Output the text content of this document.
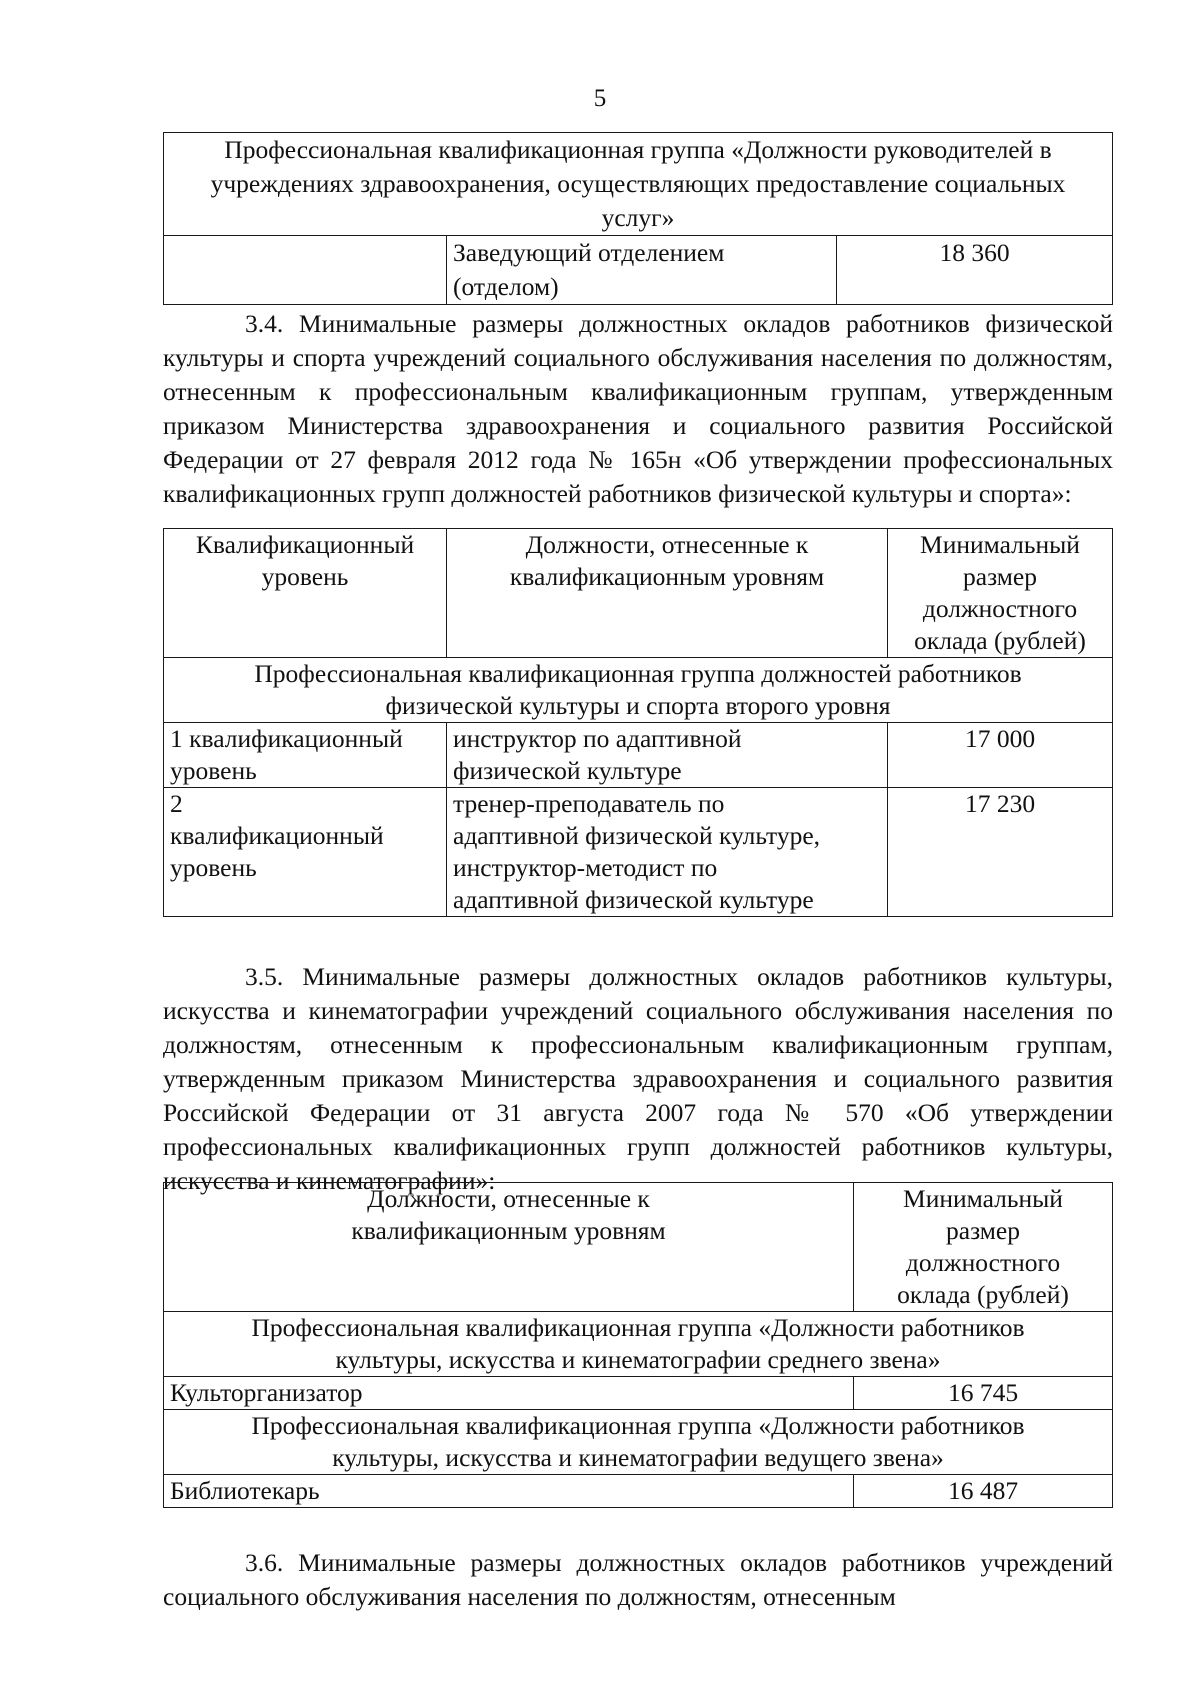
5
Профессиональная квалификационная группа «Должности руководителей в учреждениях здравоохранения, осуществляющих предоставление социальных услуг»
	Заведующий отделением (отделом)	18 360

3.4. Минимальные размеры должностных окладов работников физической культуры и спорта учреждений социального обслуживания населения по должностям, отнесенным к профессиональным квалификационным группам, утвержденным приказом Министерства здравоохранения и социального развития Российской Федерации от 27 февраля 2012 года № 165н «Об утверждении профессиональных квалификационных групп должностей работников физической культуры и спорта»:

Квалификационный уровень	Должности, отнесенные к квалификационным уровням	Минимальный размер должностного оклада (рублей)
Профессиональная квалификационная группа должностей работников физической культуры и спорта второго уровня		
1 квалификационный уровень	инструктор по адаптивной физической культуре	17 000
2 квалификационный уровень	тренер-преподаватель по адаптивной физической культуре, инструктор-методист по адаптивной физической культуре	17 230

3.5. Минимальные размеры должностных окладов работников культуры, искусства и кинематографии учреждений социального обслуживания населения по должностям, отнесенным к профессиональным квалификационным группам, утвержденным приказом Министерства здравоохранения и социального развития Российской Федерации от 31 августа 2007 года № 570 «Об утверждении профессиональных квалификационных групп должностей работников культуры, искусства и кинематографии»:

Должности, отнесенные к квалификационным уровням	Минимальный размер должностного оклада (рублей)
Профессиональная квалификационная группа «Должности работников культуры, искусства и кинематографии среднего звена»	
Культорганизатор	16 745
Профессиональная квалификационная группа «Должности работников культуры, искусства и кинематографии ведущего звена»	
Библиотекарь	16 487

3.6. Минимальные размеры должностных окладов работников учреждений социального обслуживания населения по должностям, отнесенным
